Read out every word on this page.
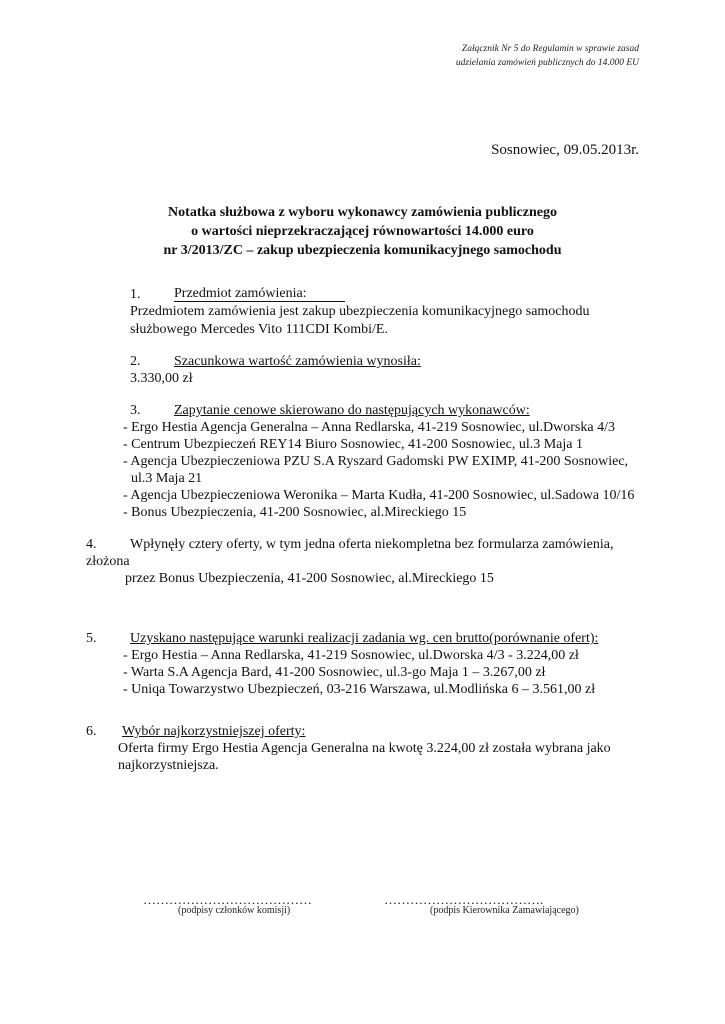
Załącznik Nr 5 do Regulamin w sprawie zasad
udzielania zamówień publicznych do 14.000 EU
Sosnowiec, 09.05.2013r.
Notatka służbowa z wyboru wykonawcy zamówienia publicznego
o wartości nieprzekraczającej równowartości 14.000 euro
nr 3/2013/ZC – zakup ubezpieczenia komunikacyjnego samochodu
1. Przedmiot zamówienia:
Przedmiotem zamówienia jest zakup ubezpieczenia komunikacyjnego samochodu
służbowego Mercedes Vito 111CDI Kombi/E.
2. Szacunkowa wartość zamówienia wynosiła:
3.330,00 zł
3. Zapytanie cenowe skierowano do następujących wykonawców:
- Ergo Hestia Agencja Generalna – Anna Redlarska, 41-219 Sosnowiec, ul.Dworska 4/3
- Centrum Ubezpieczeń REY14 Biuro Sosnowiec, 41-200 Sosnowiec, ul.3 Maja 1
- Agencja Ubezpieczeniowa PZU S.A Ryszard Gadomski PW EXIMP, 41-200 Sosnowiec,
ul.3 Maja 21
- Agencja Ubezpieczeniowa Weronika – Marta Kudła, 41-200 Sosnowiec, ul.Sadowa 10/16
- Bonus Ubezpieczenia, 41-200 Sosnowiec, al.Mireckiego 15
4. Wpłynęły cztery oferty, w tym jedna oferta niekompletna bez formularza zamówienia,
złożona
przez Bonus Ubezpieczenia, 41-200 Sosnowiec, al.Mireckiego 15
5. Uzyskano następujące warunki realizacji zadania wg. cen brutto(porównanie ofert):
- Ergo Hestia – Anna Redlarska, 41-219 Sosnowiec, ul.Dworska 4/3 - 3.224,00 zł
- Warta S.A Agencja Bard, 41-200 Sosnowiec, ul.3-go Maja 1 – 3.267,00 zł
- Uniqa Towarzystwo Ubezpieczeń, 03-216 Warszawa, ul.Modlińska 6 – 3.561,00 zł
6. Wybór najkorzystniejszej oferty:
Oferta firmy Ergo Hestia Agencja Generalna na kwotę 3.224,00 zł została wybrana jako
najkorzystniejsza.
…………………………………
(podpisy członków komisji)
……………………………….
(podpis Kierownika Zamawiającego)
